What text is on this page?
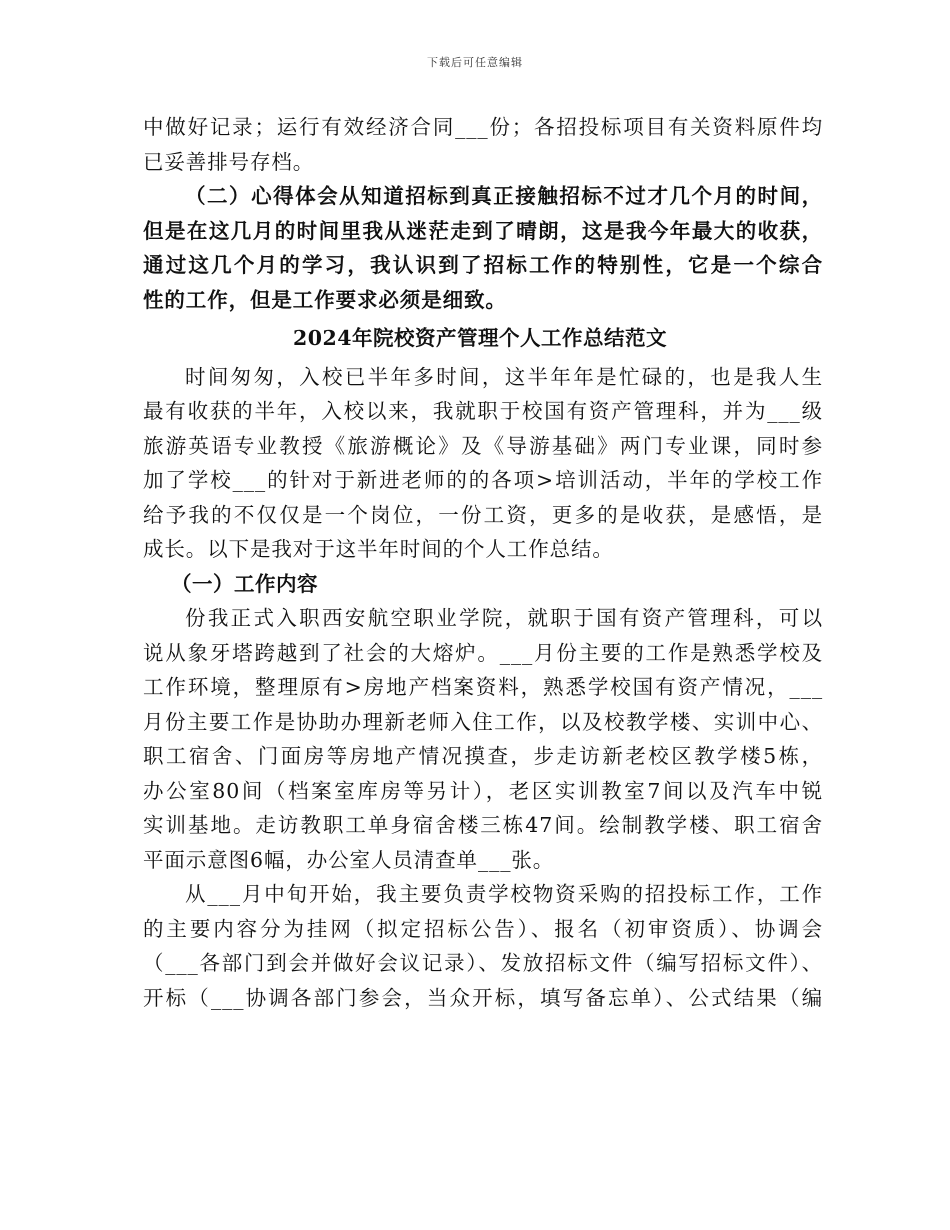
下载后可任意编辑
中做好记录；运行有效经济合同___份；各招投标项目有关资料原件均
已妥善排号存档。
（二）心得体会从知道招标到真正接触招标不过才几个月的时间，
但是在这几月的时间里我从迷茫走到了晴朗，这是我今年最大的收获，
通过这几个月的学习，我认识到了招标工作的特别性，它是一个综合
性的工作，但是工作要求必须是细致。
2024年院校资产管理个人工作总结范文
时间匆匆，入校已半年多时间，这半年年是忙碌的，也是我人生
最有收获的半年，入校以来，我就职于校国有资产管理科，并为___级
旅游英语专业教授《旅游概论》及《导游基础》两门专业课，同时参
加了学校___的针对于新进老师的的各项>培训活动，半年的学校工作
给予我的不仅仅是一个岗位，一份工资，更多的是收获，是感悟，是
成长。以下是我对于这半年时间的个人工作总结。
（一）工作内容
份我正式入职西安航空职业学院，就职于国有资产管理科，可以
说从象牙塔跨越到了社会的大熔炉。___月份主要的工作是熟悉学校及
工作环境，整理原有>房地产档案资料，熟悉学校国有资产情况，___
月份主要工作是协助办理新老师入住工作，以及校教学楼、实训中心、
职工宿舍、门面房等房地产情况摸查，步走访新老校区教学楼5栋，
办公室80间（档案室库房等另计），老区实训教室7间以及汽车中锐
实训基地。走访教职工单身宿舍楼三栋47间。绘制教学楼、职工宿舍
平面示意图6幅，办公室人员清查单___张。
从___月中旬开始，我主要负责学校物资采购的招投标工作，工作
的主要内容分为挂网（拟定招标公告）、报名（初审资质）、协调会
（___各部门到会并做好会议记录）、发放招标文件（编写招标文件）、
开标（___协调各部门参会，当众开标，填写备忘单）、公式结果（编
